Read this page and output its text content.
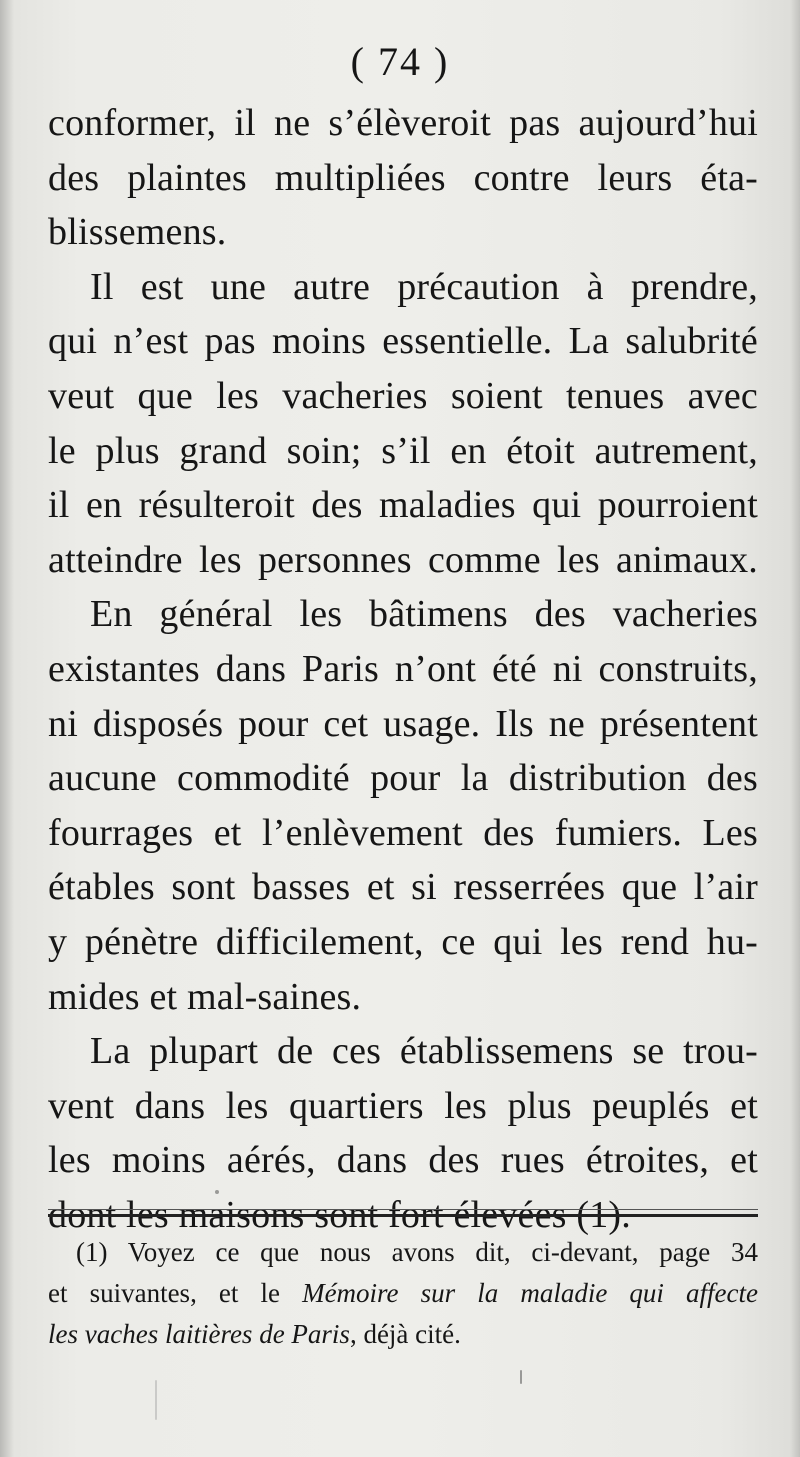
( 74 )
conformer, il ne s’élèveroit pas aujourd’hui
des plaintes multipliées contre leurs éta-
blissemens.
Il est une autre précaution à prendre,
qui n’est pas moins essentielle. La salubrité
veut que les vacheries soient tenues avec
le plus grand soin; s’il en étoit autrement,
il en résulteroit des maladies qui pourroient
atteindre les personnes comme les animaux.
En général les bâtimens des vacheries
existantes dans Paris n’ont été ni construits,
ni disposés pour cet usage. Ils ne présentent
aucune commodité pour la distribution des
fourrages et l’enlèvement des fumiers. Les
étables sont basses et si resserrées que l’air
y pénètre difficilement, ce qui les rend hu-
mides et mal-saines.
La plupart de ces établissemens se trou-
vent dans les quartiers les plus peuplés et
les moins aérés, dans des rues étroites, et
(1) Voyez ce que nous avons dit, ci-devant, page 34
et suivantes, et le Mémoire sur la maladie qui affecte
les vaches laitières de Paris, déjà cité.
